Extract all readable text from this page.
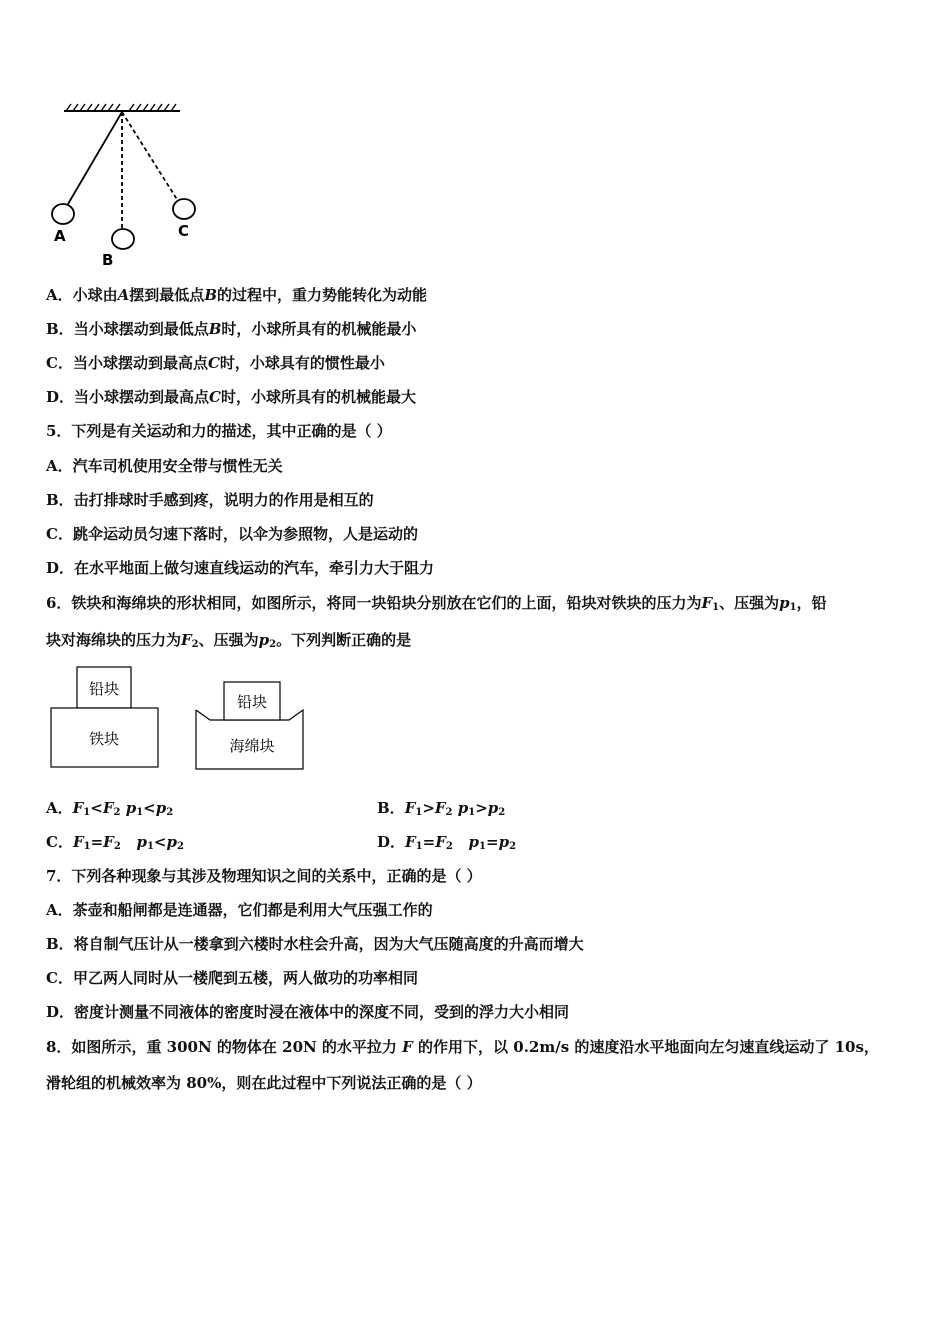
A
B
C
A．小球由A摆到最低点B的过程中，重力势能转化为动能
B．当小球摆动到最低点B时，小球所具有的机械能最小
C．当小球摆动到最高点C时，小球具有的惯性最小
D．当小球摆动到最高点C时，小球所具有的机械能最大
5．下列是有关运动和力的描述，其中正确的是（ ）
A．汽车司机使用安全带与惯性无关
B．击打排球时手感到疼，说明力的作用是相互的
C．跳伞运动员匀速下落时，以伞为参照物，人是运动的
D．在水平地面上做匀速直线运动的汽车，牵引力大于阻力
6．铁块和海绵块的形状相同，如图所示，将同一块铅块分别放在它们的上面，铅块对铁块的压力为$F_1$、压强为$p_1$，铅
块对海绵块的压力为$F_2$、压强为$p_2$。下列判断正确的是
铅块
铁块
铅块
海绵块
A．$F_1<F_2$ $p_1<p_2$	B．$F_1>F_2$ $p_1>p_2$
C．$F_1=F_2$ $p_1<p_2$	D．$F_1=F_2$ $p_1=p_2$
7．下列各种现象与其涉及物理知识之间的关系中，正确的是（ ）
A．茶壶和船闸都是连通器，它们都是利用大气压强工作的
B．将自制气压计从一楼拿到六楼时水柱会升高，因为大气压随高度的升高而增大
C．甲乙两人同时从一楼爬到五楼，两人做功的功率相同
D．密度计测量不同液体的密度时浸在液体中的深度不同，受到的浮力大小相同
8．如图所示，重 300N 的物体在 20N 的水平拉力 F 的作用下，以 0.2m/s 的速度沿水平地面向左匀速直线运动了 10s，
滑轮组的机械效率为 80%，则在此过程中下列说法正确的是（ ）
